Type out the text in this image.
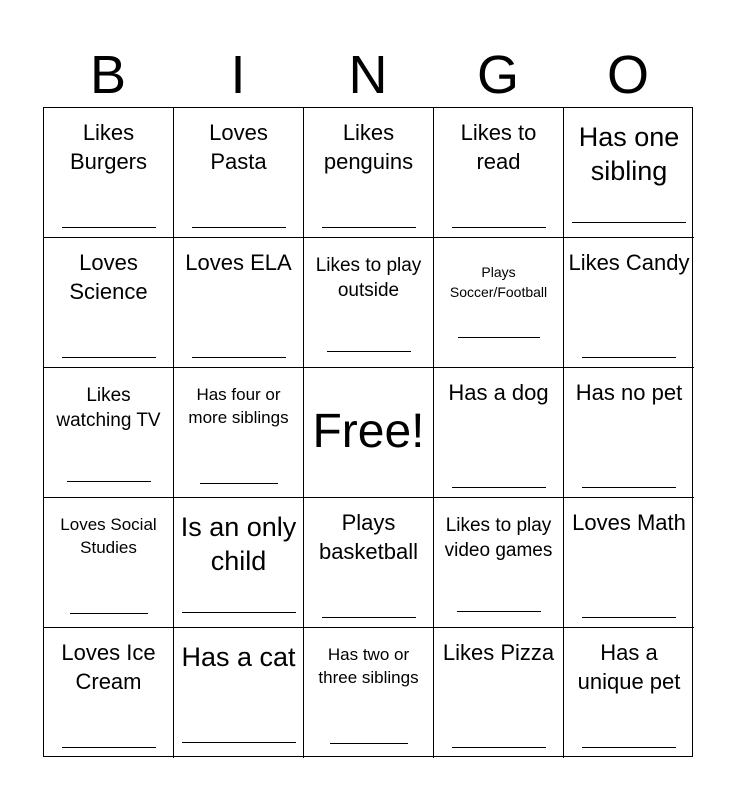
B	I	N	G	O
Likes Burgers
Loves Pasta
Likes penguins
Likes to read
Has one sibling
Loves Science
Loves ELA	Likes to play outside
Plays Soccer/Football
Likes Candy
Likes watching TV
Has four or more siblings Free!
Has a dog	Has no pet
Loves Social Studies
Is an only child
Plays basketball
Likes to play video games
Loves Math
Loves Ice Cream
Has a cat	Has two or three siblings
Likes Pizza	Has a unique pet
